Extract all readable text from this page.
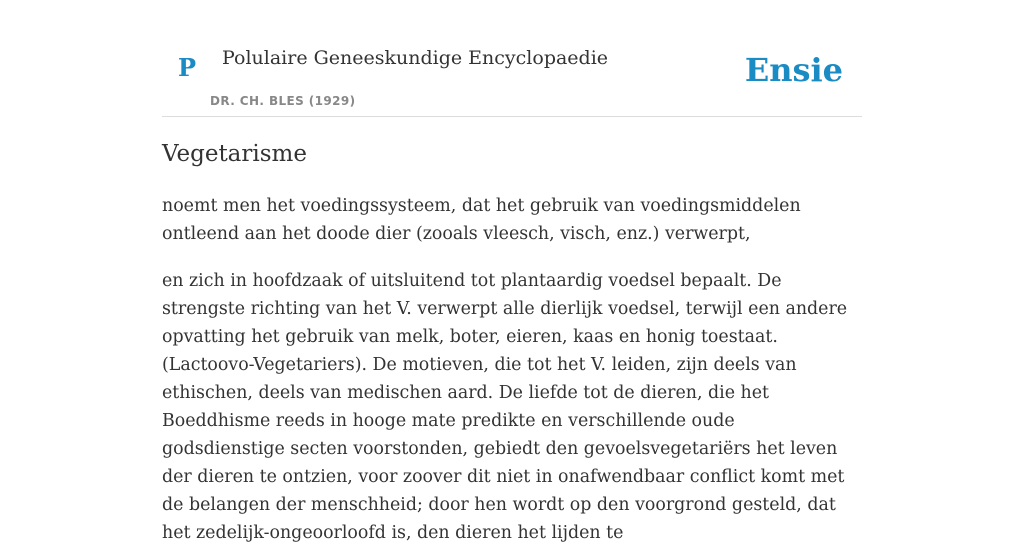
P Polulaire Geneeskundige Encyclopaedie
DR. CH. BLES (1929)
Ensie
Vegetarisme

noemt men het voedingssysteem, dat het gebruik van voedingsmiddelen ontleend aan het doode dier (zooals vleesch, visch, enz.) verwerpt,

en zich in hoofdzaak of uitsluitend tot plantaardig voedsel bepaalt. De strengste richting van het V. verwerpt alle dierlijk voedsel, terwijl een andere opvatting het gebruik van melk, boter, eieren, kaas en honig toestaat. (Lactoovo-Vegetariers). De motieven, die tot het V. leiden, zijn deels van ethischen, deels van medischen aard. De liefde tot de dieren, die het Boeddhisme reeds in hooge mate predikte en verschillende oude godsdienstige secten voorstonden, gebiedt den gevoelsvegetariërs het leven der dieren te ontzien, voor zoover dit niet in onafwendbaar conflict komt met de belangen der menschheid; door hen wordt op den voorgrond gesteld, dat het zedelijk-ongeoorloofd is, den dieren het lijden te
